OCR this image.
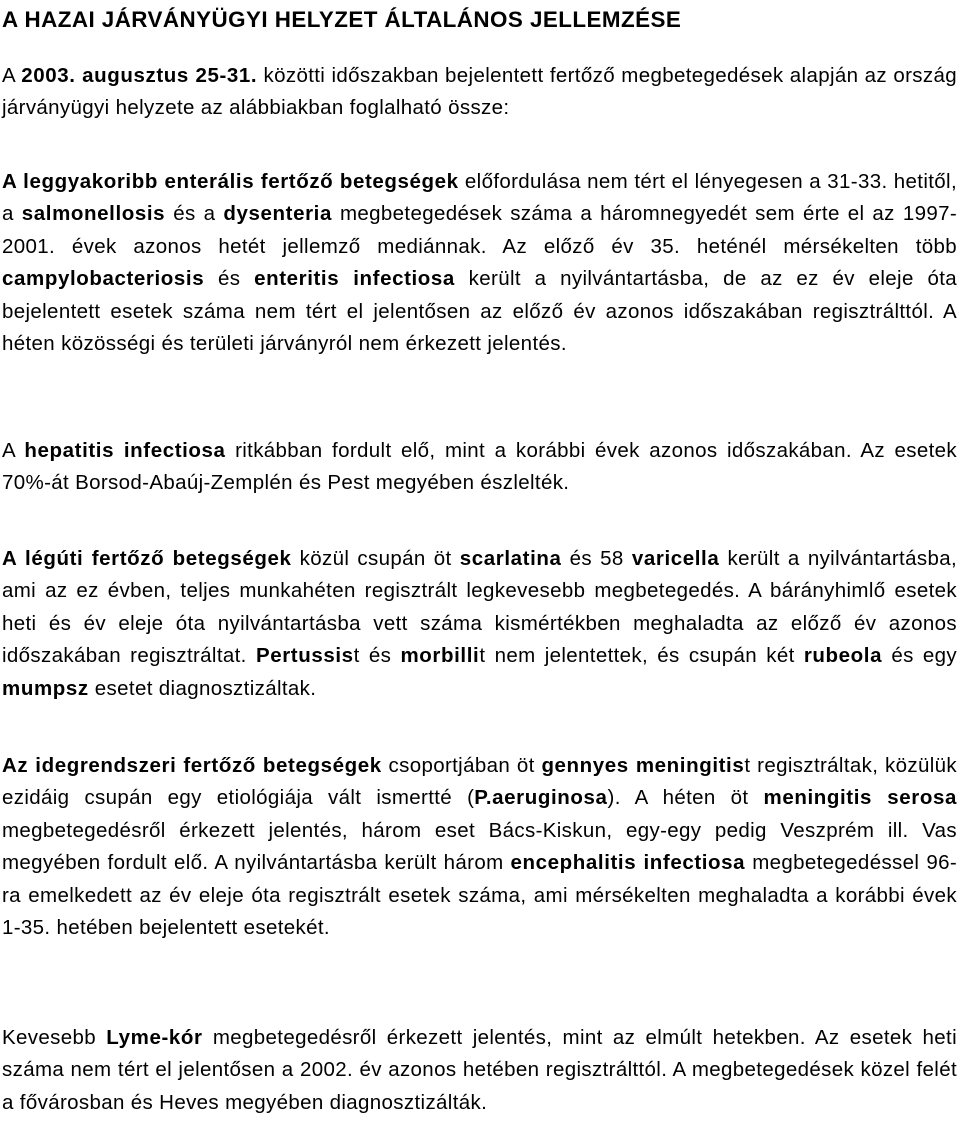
A HAZAI JÁRVÁNYÜGYI HELYZET ÁLTALÁNOS JELLEMZÉSE

A 2003. augusztus 25-31. közötti időszakban bejelentett fertőző megbetegedések alapján az ország járványügyi helyzete az alábbiakban foglalható össze:

A leggyakoribb enterális fertőző betegségek előfordulása nem tért el lényegesen a 31-33. hetitől, a salmonellosis és a dysenteria megbetegedések száma a háromnegyedét sem érte el az 1997-2001. évek azonos hetét jellemző mediánnak. Az előző év 35. heténél mérsékelten több campylobacteriosis és enteritis infectiosa került a nyilvántartásba, de az ez év eleje óta bejelentett esetek száma nem tért el jelentősen az előző év azonos időszakában regisztrálttól. A héten közösségi és területi járványról nem érkezett jelentés.

A hepatitis infectiosa ritkábban fordult elő, mint a korábbi évek azonos időszakában. Az esetek 70%-át Borsod-Abaúj-Zemplén és Pest megyében észlelték.

A légúti fertőző betegségek közül csupán öt scarlatina és 58 varicella került a nyilvántartásba, ami az ez évben, teljes munkahéten regisztrált legkevesebb megbetegedés. A bárányhimlő esetek heti és év eleje óta nyilvántartásba vett száma kismértékben meghaladta az előző év azonos időszakában regisztráltat. Pertussist és morbillit nem jelentettek, és csupán két rubeola és egy mumpsz esetet diagnosztizáltak.

Az idegrendszeri fertőző betegségek csoportjában öt gennyes meningitist regisztráltak, közülük ezidáig csupán egy etiológiája vált ismertté (P.aeruginosa). A héten öt meningitis serosa megbetegedésről érkezett jelentés, három eset Bács-Kiskun, egy-egy pedig Veszprém ill. Vas megyében fordult elő. A nyilvántartásba került három encephalitis infectiosa megbetegedéssel 96-ra emelkedett az év eleje óta regisztrált esetek száma, ami mérsékelten meghaladta a korábbi évek 1-35. hetében bejelentett esetekét.

Kevesebb Lyme-kór megbetegedésről érkezett jelentés, mint az elmúlt hetekben. Az esetek heti száma nem tért el jelentősen a 2002. év azonos hetében regisztrálttól. A megbetegedések közel felét a fővárosban és Heves megyében diagnosztizálták.
